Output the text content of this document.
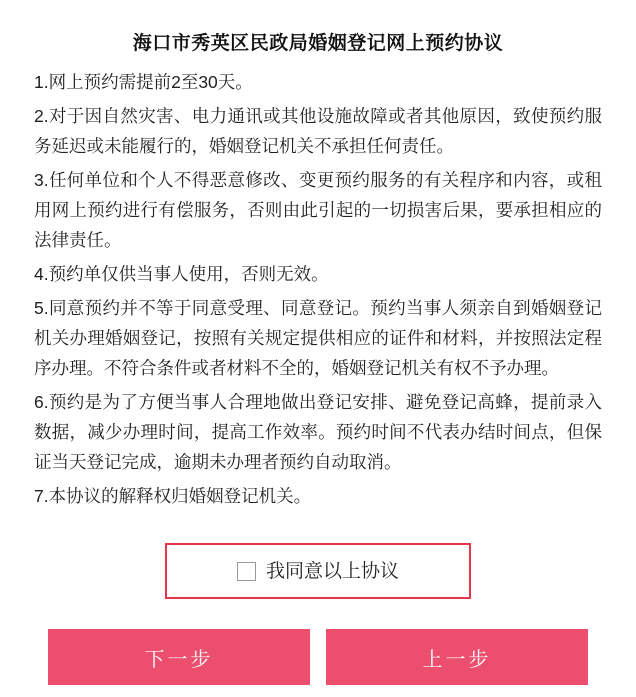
海口市秀英区民政局婚姻登记网上预约协议

1.网上预约需提前2至30天。

2.对于因自然灾害、电力通讯或其他设施故障或者其他原因，致使预约服务延迟或未能履行的，婚姻登记机关不承担任何责任。

3.任何单位和个人不得恶意修改、变更预约服务的有关程序和内容，或租用网上预约进行有偿服务，否则由此引起的一切损害后果，要承担相应的法律责任。

4.预约单仅供当事人使用，否则无效。

5.同意预约并不等于同意受理、同意登记。预约当事人须亲自到婚姻登记机关办理婚姻登记，按照有关规定提供相应的证件和材料，并按照法定程序办理。不符合条件或者材料不全的，婚姻登记机关有权不予办理。

6.预约是为了方便当事人合理地做出登记安排、避免登记高蜂，提前录入数据，减少办理时间，提高工作效率。预约时间不代表办结时间点，但保证当天登记完成，逾期未办理者预约自动取消。

7.本协议的解释权归婚姻登记机关。

我同意以上协议
下一步	上一步
